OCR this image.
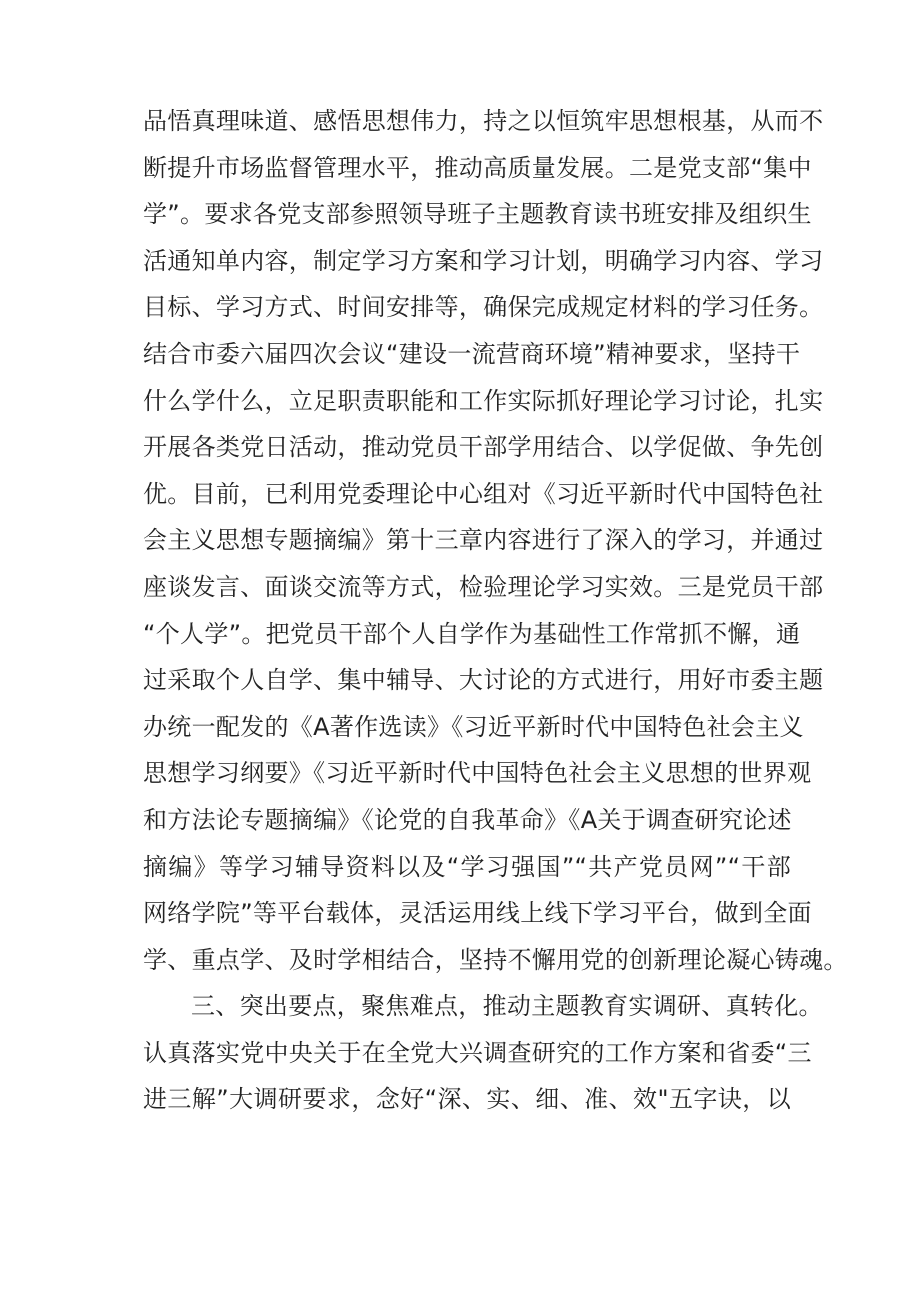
品悟真理味道、感悟思想伟力，持之以恒筑牢思想根基，从而不
断提升市场监督管理水平，推动高质量发展。二是党支部“集中
学”。要求各党支部参照领导班子主题教育读书班安排及组织生
活通知单内容，制定学习方案和学习计划，明确学习内容、学习
目标、学习方式、时间安排等，确保完成规定材料的学习任务。
结合市委六届四次会议“建设一流营商环境”精神要求，坚持干
什么学什么，立足职责职能和工作实际抓好理论学习讨论，扎实
开展各类党日活动，推动党员干部学用结合、以学促做、争先创
优。目前，已利用党委理论中心组对《习近平新时代中国特色社
会主义思想专题摘编》第十三章内容进行了深入的学习，并通过
座谈发言、面谈交流等方式，检验理论学习实效。三是党员干部
“个人学”。把党员干部个人自学作为基础性工作常抓不懈，通
过采取个人自学、集中辅导、大讨论的方式进行，用好市委主题
办统一配发的《A著作选读》《习近平新时代中国特色社会主义
思想学习纲要》《习近平新时代中国特色社会主义思想的世界观
和方法论专题摘编》《论党的自我革命》《A关于调查研究论述
摘编》等学习辅导资料以及“学习强国”“共产党员网”“干部
网络学院”等平台载体，灵活运用线上线下学习平台，做到全面
学、重点学、及时学相结合，坚持不懈用党的创新理论凝心铸魂。
三、突出要点，聚焦难点，推动主题教育实调研、真转化。
认真落实党中央关于在全党大兴调查研究的工作方案和省委“三
进三解”大调研要求，念好“深、实、细、准、效"五字诀，以
